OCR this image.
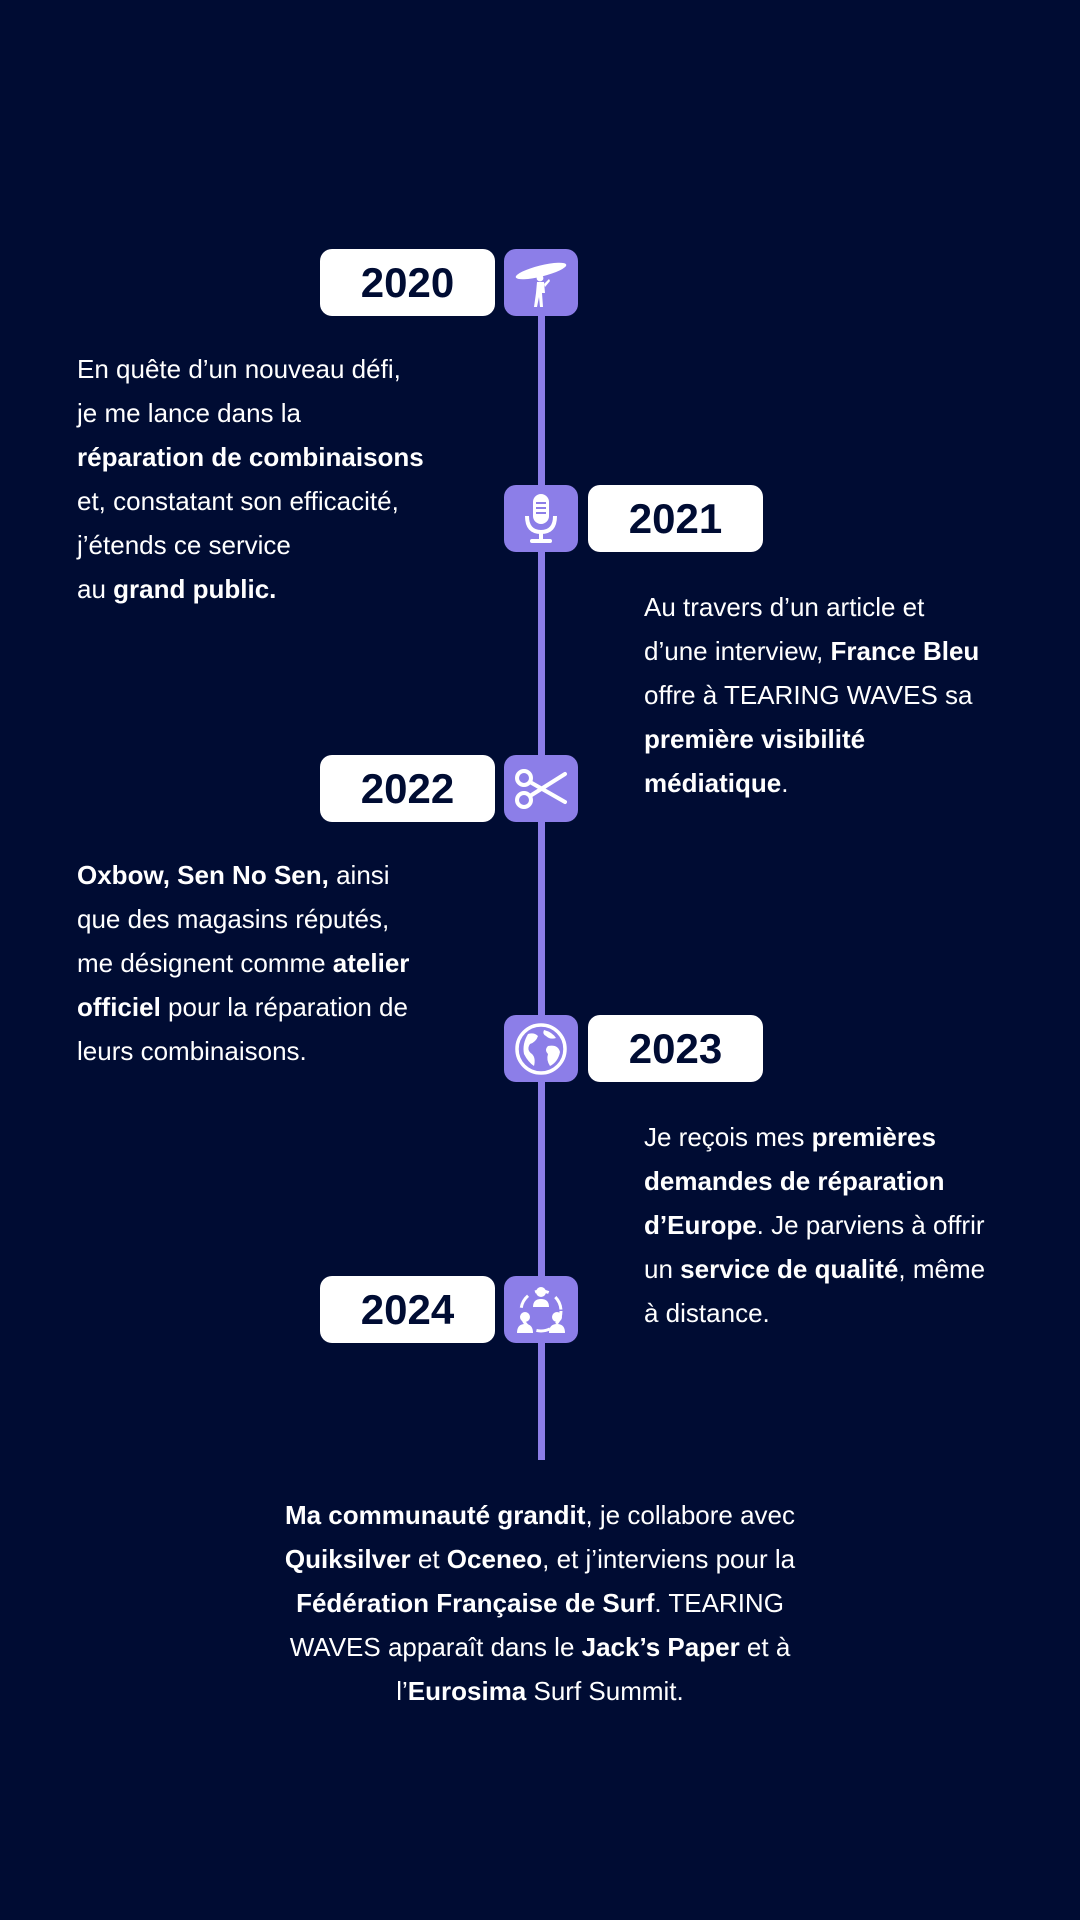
2020
En quête d’un nouveau défi,
je me lance dans la
réparation de combinaisons
et, constatant son efficacité,
j’étends ce service
au grand public.
2021
Au travers d’un article et
d’une interview, France Bleu
offre à TEARING WAVES sa
première visibilité
médiatique.
2022
Oxbow, Sen No Sen, ainsi
que des magasins réputés,
me désignent comme atelier
officiel pour la réparation de
leurs combinaisons.	2023
Je reçois mes premières
demandes de réparation
d’Europe. Je parviens à offrir
un service de qualité, même
à distance.
2024
Ma communauté grandit, je collabore avec
Quiksilver et Oceneo, et j’interviens pour la
Fédération Française de Surf. TEARING
WAVES apparaît dans le Jack’s Paper et à
l’Eurosima Surf Summit.
